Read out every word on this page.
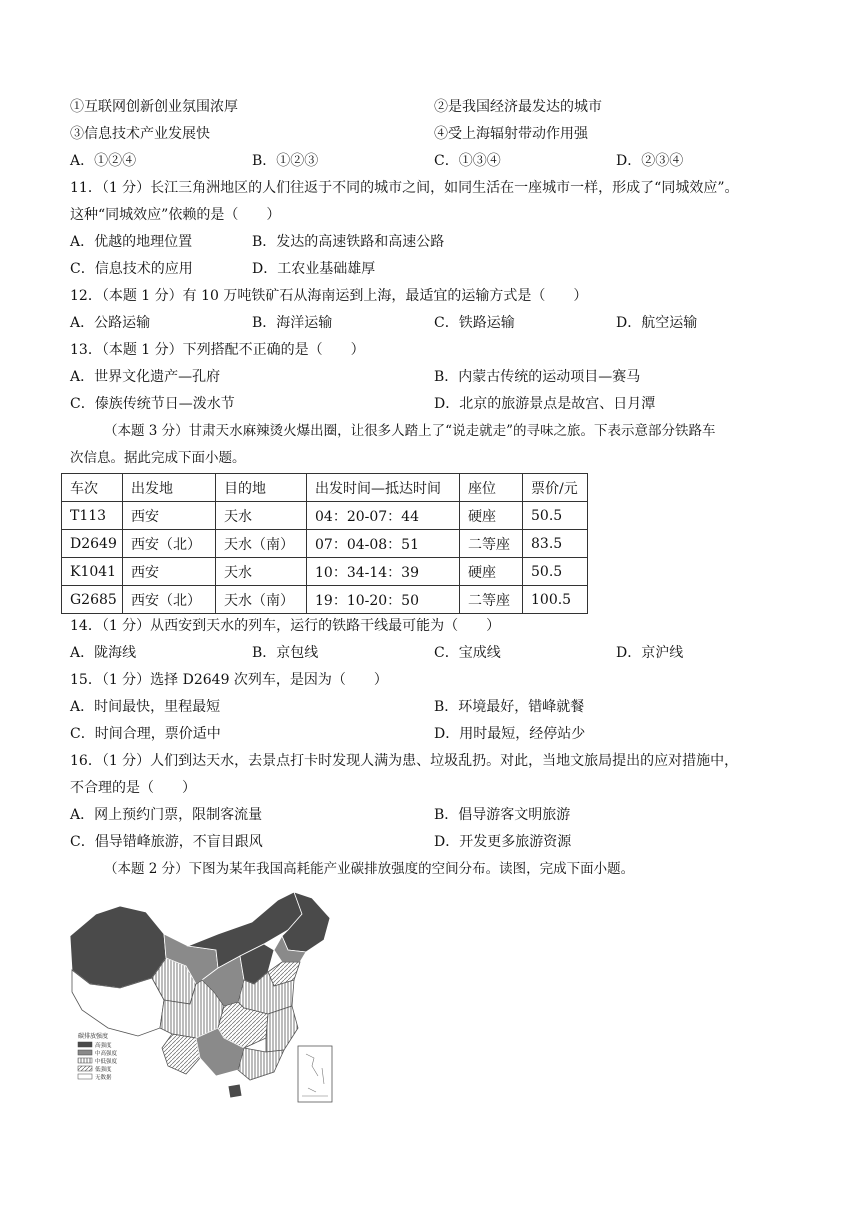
①互联网创新创业氛围浓厚	②是我国经济最发达的城市
③信息技术产业发展快	④受上海辐射带动作用强
A．①②④	B．①②③	C．①③④	D．②③④
11．（1 分）长江三角洲地区的人们往返于不同的城市之间，如同生活在一座城市一样，形成了“同城效应”。
这种“同城效应”依赖的是（　　）
A．优越的地理位置	B．发达的高速铁路和高速公路
C．信息技术的应用	D．工农业基础雄厚
12．（本题 1 分）有 10 万吨铁矿石从海南运到上海，最适宜的运输方式是（　　）
A．公路运输	B．海洋运输	C．铁路运输	D．航空运输
13．（本题 1 分）下列搭配不正确的是（　　）
A．世界文化遗产—孔府	B．内蒙古传统的运动项目—赛马
C．傣族传统节日—泼水节	D．北京的旅游景点是故宫、日月潭
（本题 3 分）甘肃天水麻辣烫火爆出圈，让很多人踏上了“说走就走”的寻味之旅。下表示意部分铁路车
次信息。据此完成下面小题。
车次	出发地	目的地	出发时间—抵达时间	座位	票价/元
T113	西安	天水	04：20-07：44	硬座	50.5
D2649	西安（北）	天水（南）	07：04-08：51	二等座	83.5
K1041	西安	天水	10：34-14：39	硬座	50.5
G2685	西安（北）	天水（南）	19：10-20：50	二等座	100.5
14．（1 分）从西安到天水的列车，运行的铁路干线最可能为（　　）
A．陇海线	B．京包线	C．宝成线	D．京沪线
15．（1 分）选择 D2649 次列车，是因为（　　）
A．时间最快，里程最短	B．环境最好，错峰就餐
C．时间合理，票价适中	D．用时最短，经停站少
16．（1 分）人们到达天水，去景点打卡时发现人满为患、垃圾乱扔。对此，当地文旅局提出的应对措施中，
不合理的是（　　）
A．网上预约门票，限制客流量	B．倡导游客文明旅游
C．倡导错峰旅游，不盲目跟风	D．开发更多旅游资源
（本题 2 分）下图为某年我国高耗能产业碳排放强度的空间分布。读图，完成下面小题。
碳排放强度
高强度
中高强度
中低强度
低强度
无数据
